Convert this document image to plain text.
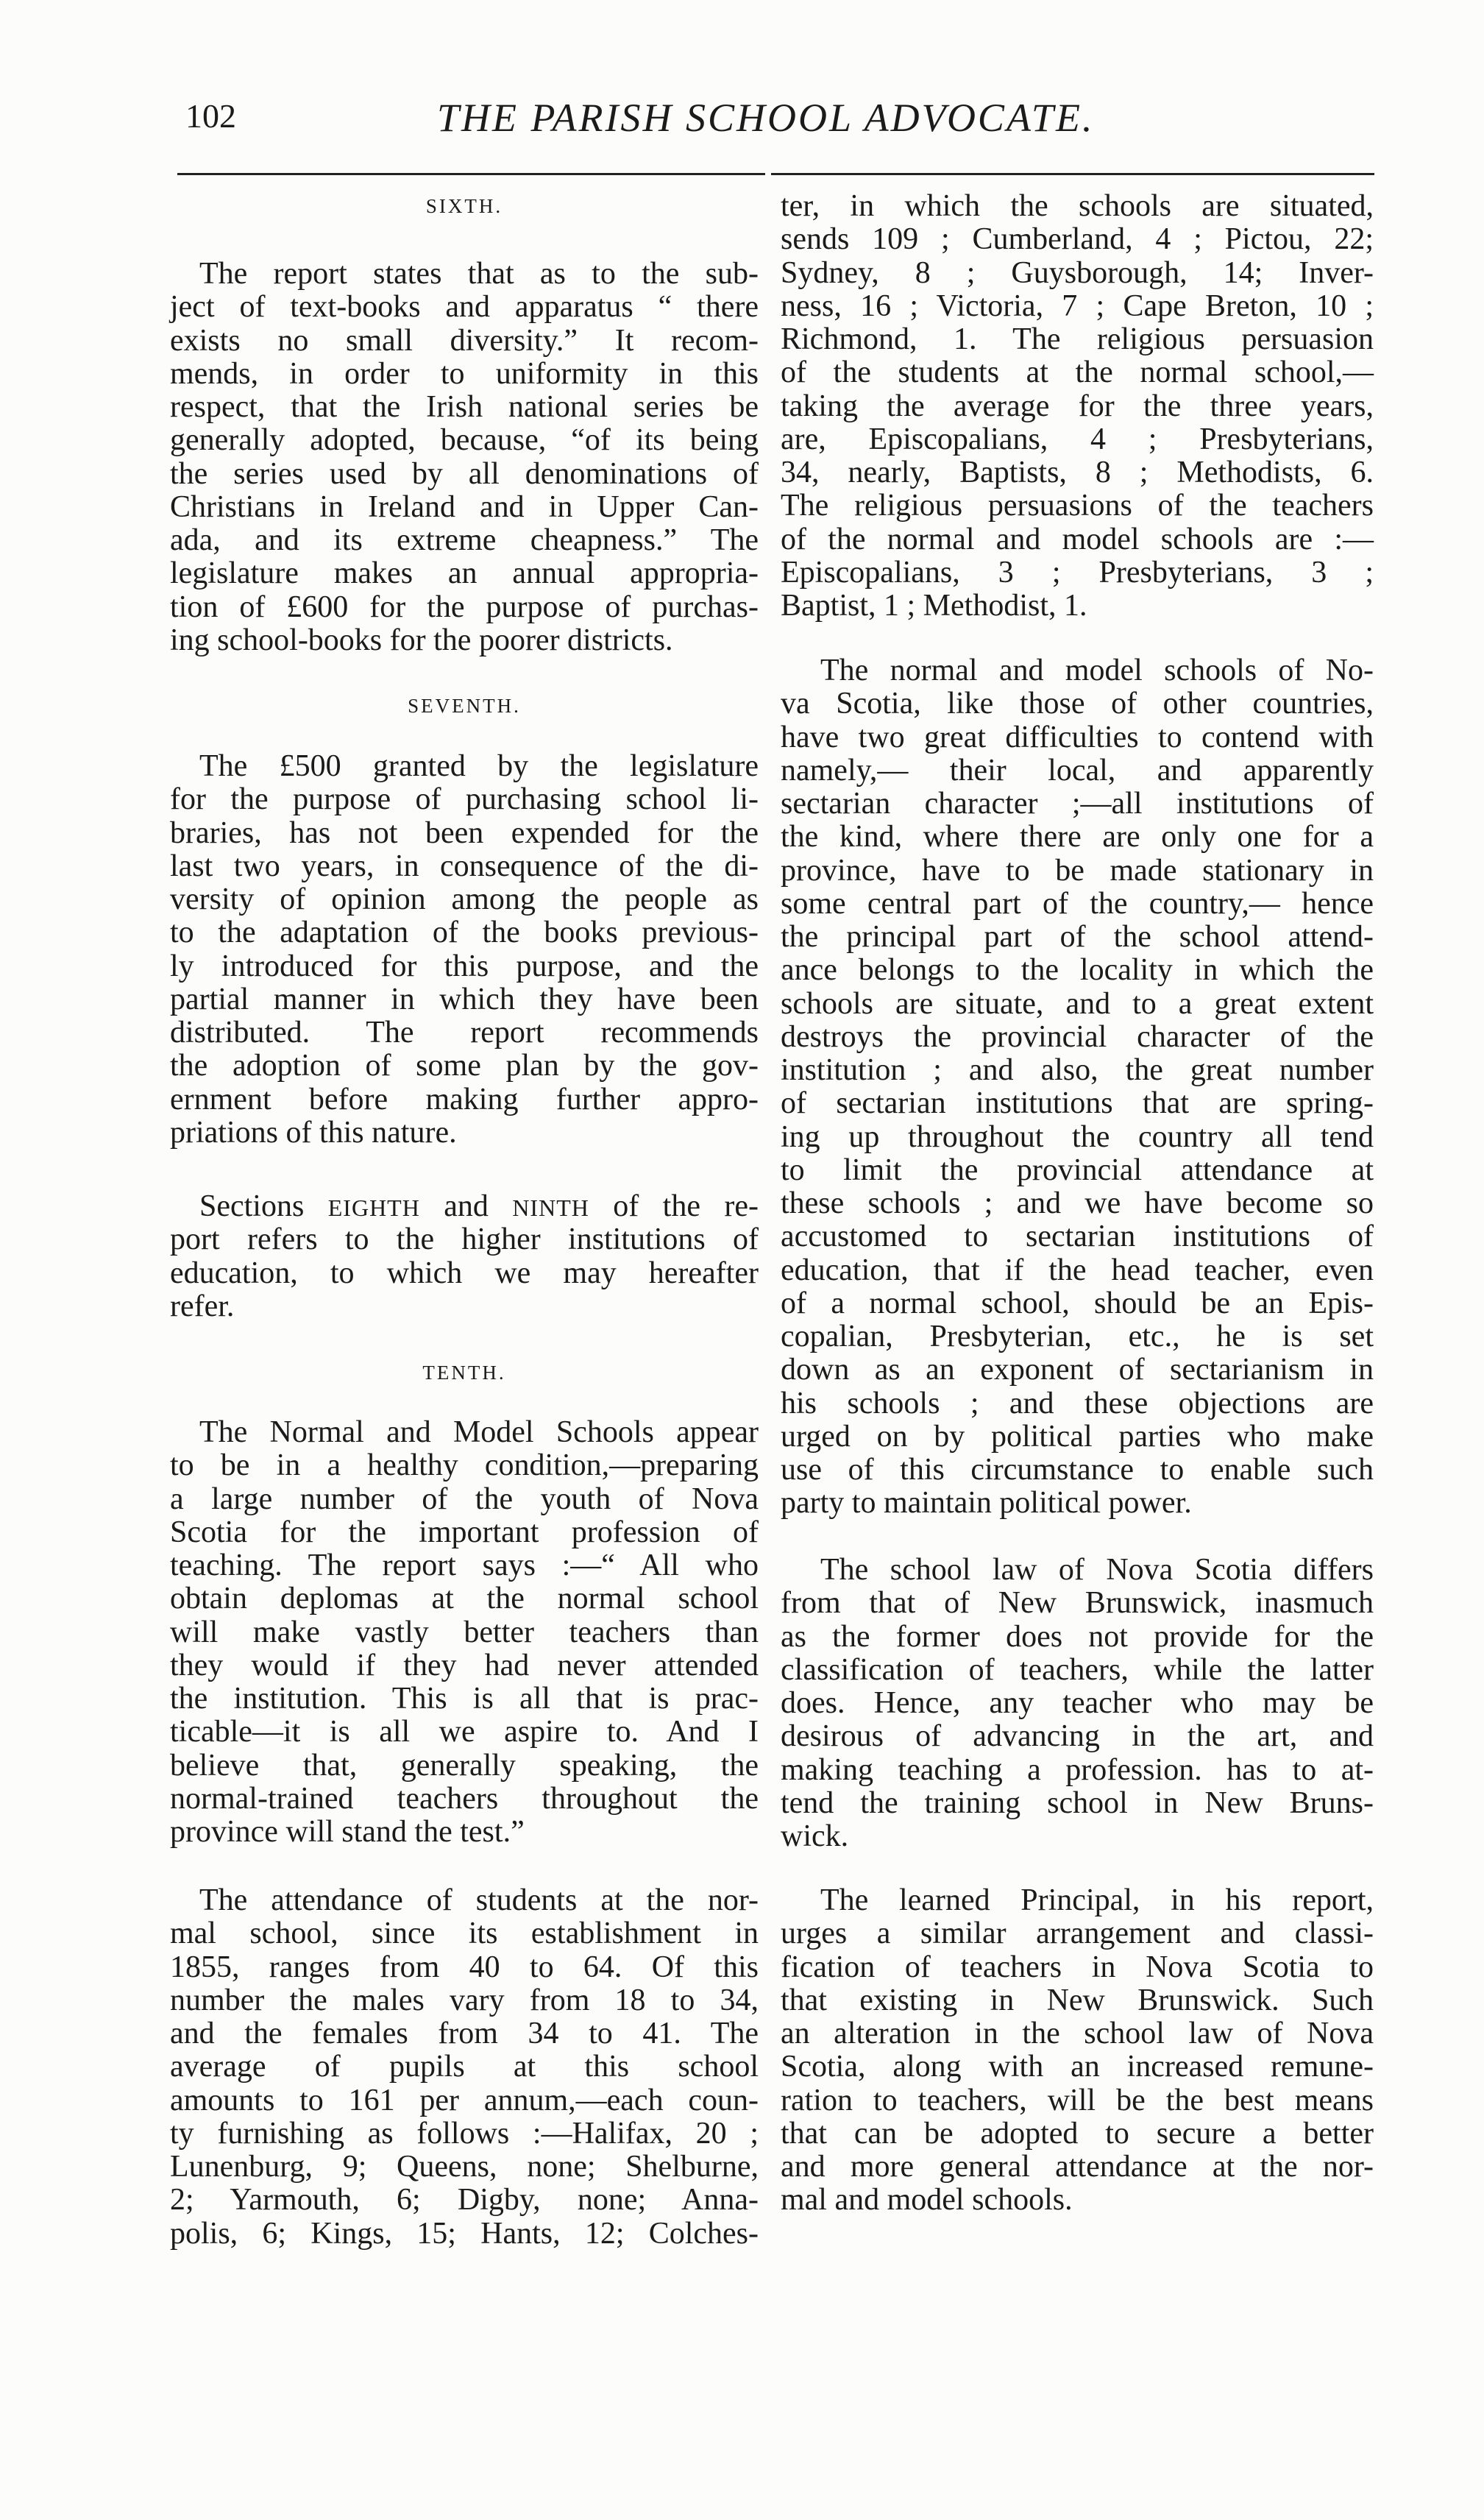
102	THE PARISH SCHOOL ADVOCATE.
SIXTH.
The report states that as to the sub-
ject of text-books and apparatus “ there
exists no small diversity.” It recom-
mends, in order to uniformity in this
respect, that the Irish national series be
generally adopted, because, “of its being
the series used by all denominations of
Christians in Ireland and in Upper Can-
ada, and its extreme cheapness.” The
legislature makes an annual appropria-
tion of £600 for the purpose of purchas-
ing school-books for the poorer districts.
SEVENTH.
The £500 granted by the legislature
for the purpose of purchasing school li-
braries, has not been expended for the
last two years, in consequence of the di-
versity of opinion among the people as
to the adaptation of the books previous-
ly introduced for this purpose, and the
partial manner in which they have been
distributed. The report recommends
the adoption of some plan by the gov-
ernment before making further appro-
priations of this nature.
Sections EIGHTH and NINTH of the re-
port refers to the higher institutions of
education, to which we may hereafter
refer.
TENTH.
The Normal and Model Schools appear
to be in a healthy condition,—preparing
a large number of the youth of Nova
Scotia for the important profession of
teaching. The report says :—“ All who
obtain deplomas at the normal school
will make vastly better teachers than
they would if they had never attended
the institution. This is all that is prac-
ticable—it is all we aspire to. And I
believe that, generally speaking, the
normal-trained teachers throughout the
province will stand the test.”
The attendance of students at the nor-
mal school, since its establishment in
1855, ranges from 40 to 64. Of this
number the males vary from 18 to 34,
and the females from 34 to 41. The
average of pupils at this school
amounts to 161 per annum,—each coun-
ty furnishing as follows :—Halifax, 20 ;
Lunenburg, 9; Queens, none; Shelburne,
2; Yarmouth, 6; Digby, none; Anna-
polis, 6; Kings, 15; Hants, 12; Colches-
ter, in which the schools are situated,
sends 109 ; Cumberland, 4 ; Pictou, 22;
Sydney, 8 ; Guysborough, 14; Inver-
ness, 16 ; Victoria, 7 ; Cape Breton, 10 ;
Richmond, 1. The religious persuasion
of the students at the normal school,—
taking the average for the three years,
are, Episcopalians, 4 ; Presbyterians,
34, nearly, Baptists, 8 ; Methodists, 6.
The religious persuasions of the teachers
of the normal and model schools are :—
Episcopalians, 3 ; Presbyterians, 3 ;
Baptist, 1 ; Methodist, 1.
The normal and model schools of No-
va Scotia, like those of other countries,
have two great difficulties to contend with
namely,— their local, and apparently
sectarian character ;—all institutions of
the kind, where there are only one for a
province, have to be made stationary in
some central part of the country,— hence
the principal part of the school attend-
ance belongs to the locality in which the
schools are situate, and to a great extent
destroys the provincial character of the
institution ; and also, the great number
of sectarian institutions that are spring-
ing up throughout the country all tend
to limit the provincial attendance at
these schools ; and we have become so
accustomed to sectarian institutions of
education, that if the head teacher, even
of a normal school, should be an Epis-
copalian, Presbyterian, etc., he is set
down as an exponent of sectarianism in
his schools ; and these objections are
urged on by political parties who make
use of this circumstance to enable such
party to maintain political power.
The school law of Nova Scotia differs
from that of New Brunswick, inasmuch
as the former does not provide for the
classification of teachers, while the latter
does. Hence, any teacher who may be
desirous of advancing in the art, and
making teaching a profession. has to at-
tend the training school in New Bruns-
wick.
The learned Principal, in his report,
urges a similar arrangement and classi-
fication of teachers in Nova Scotia to
that existing in New Brunswick. Such
an alteration in the school law of Nova
Scotia, along with an increased remune-
ration to teachers, will be the best means
that can be adopted to secure a better
and more general attendance at the nor-
mal and model schools.
